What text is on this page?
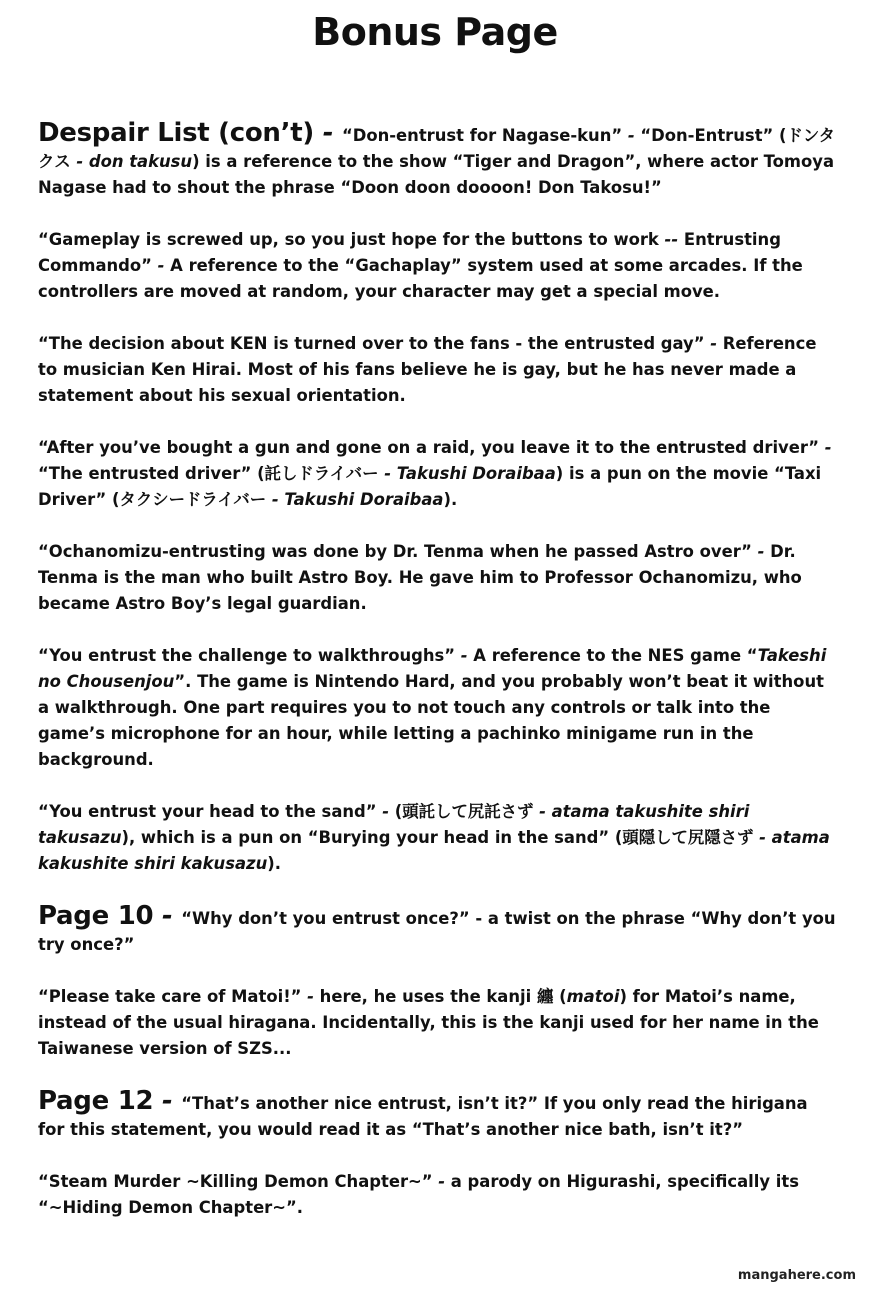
Bonus Page

Despair List (con’t) - “Don-entrust for Nagase-kun” - “Don-Entrust” (ドンタクス - don takusu) is a reference to the show “Tiger and Dragon”, where actor Tomoya Nagase had to shout the phrase “Doon doon doooon! Don Takosu!”

“Gameplay is screwed up, so you just hope for the buttons to work -- Entrusting Commando” - A reference to the “Gachaplay” system used at some arcades. If the controllers are moved at random, your character may get a special move.

“The decision about KEN is turned over to the fans - the entrusted gay” - Reference to musician Ken Hirai. Most of his fans believe he is gay, but he has never made a statement about his sexual orientation.

“After you’ve bought a gun and gone on a raid, you leave it to the entrusted driver” - “The entrusted driver” (託しドライバー - Takushi Doraibaa) is a pun on the movie “Taxi Driver” (タクシードライバー - Takushi Doraibaa).

“Ochanomizu-entrusting was done by Dr. Tenma when he passed Astro over” - Dr. Tenma is the man who built Astro Boy. He gave him to Professor Ochanomizu, who became Astro Boy’s legal guardian.

“You entrust the challenge to walkthroughs” - A reference to the NES game “Takeshi no Chousenjou”. The game is Nintendo Hard, and you probably won’t beat it without a walkthrough. One part requires you to not touch any controls or talk into the game’s microphone for an hour, while letting a pachinko minigame run in the background.

“You entrust your head to the sand” - (頭託して尻託さず - atama takushite shiri takusazu), which is a pun on “Burying your head in the sand” (頭隠して尻隠さず - atama kakushite shiri kakusazu).

Page 10 - “Why don’t you entrust once?” - a twist on the phrase “Why don’t you try once?”

“Please take care of Matoi!” - here, he uses the kanji 纏 (matoi) for Matoi’s name, instead of the usual hiragana. Incidentally, this is the kanji used for her name in the Taiwanese version of SZS...

Page 12 - “That’s another nice entrust, isn’t it?” If you only read the hirigana for this statement, you would read it as “That’s another nice bath, isn’t it?”

“Steam Murder ~Killing Demon Chapter~” - a parody on Higurashi, specifically its “~Hiding Demon Chapter~”.

mangahere.com
